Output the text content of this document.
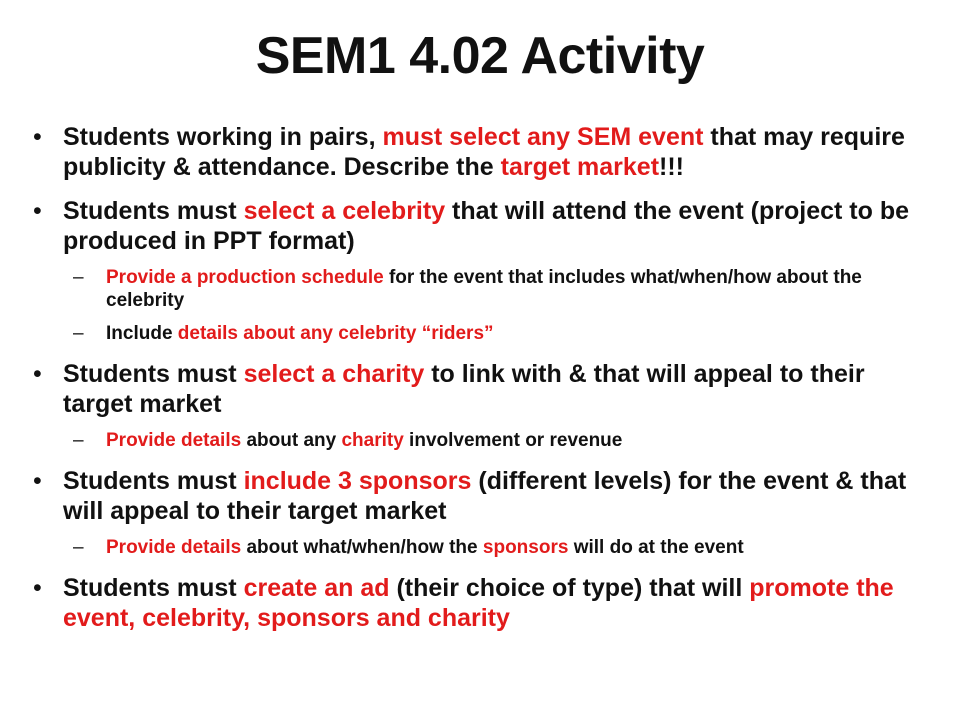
SEM1 4.02 Activity
• Students working in pairs, must select any SEM event that may require publicity & attendance. Describe the target market!!!
• Students must select a celebrity that will attend the event (project to be produced in PPT format)
– Provide a production schedule for the event that includes what/when/how about the celebrity
– Include details about any celebrity “riders”
• Students must select a charity to link with & that will appeal to their target market
– Provide details about any charity involvement or revenue
• Students must include 3 sponsors (different levels) for the event & that will appeal to their target market
– Provide details about what/when/how the sponsors will do at the event
• Students must create an ad (their choice of type) that will promote the event, celebrity, sponsors and charity
